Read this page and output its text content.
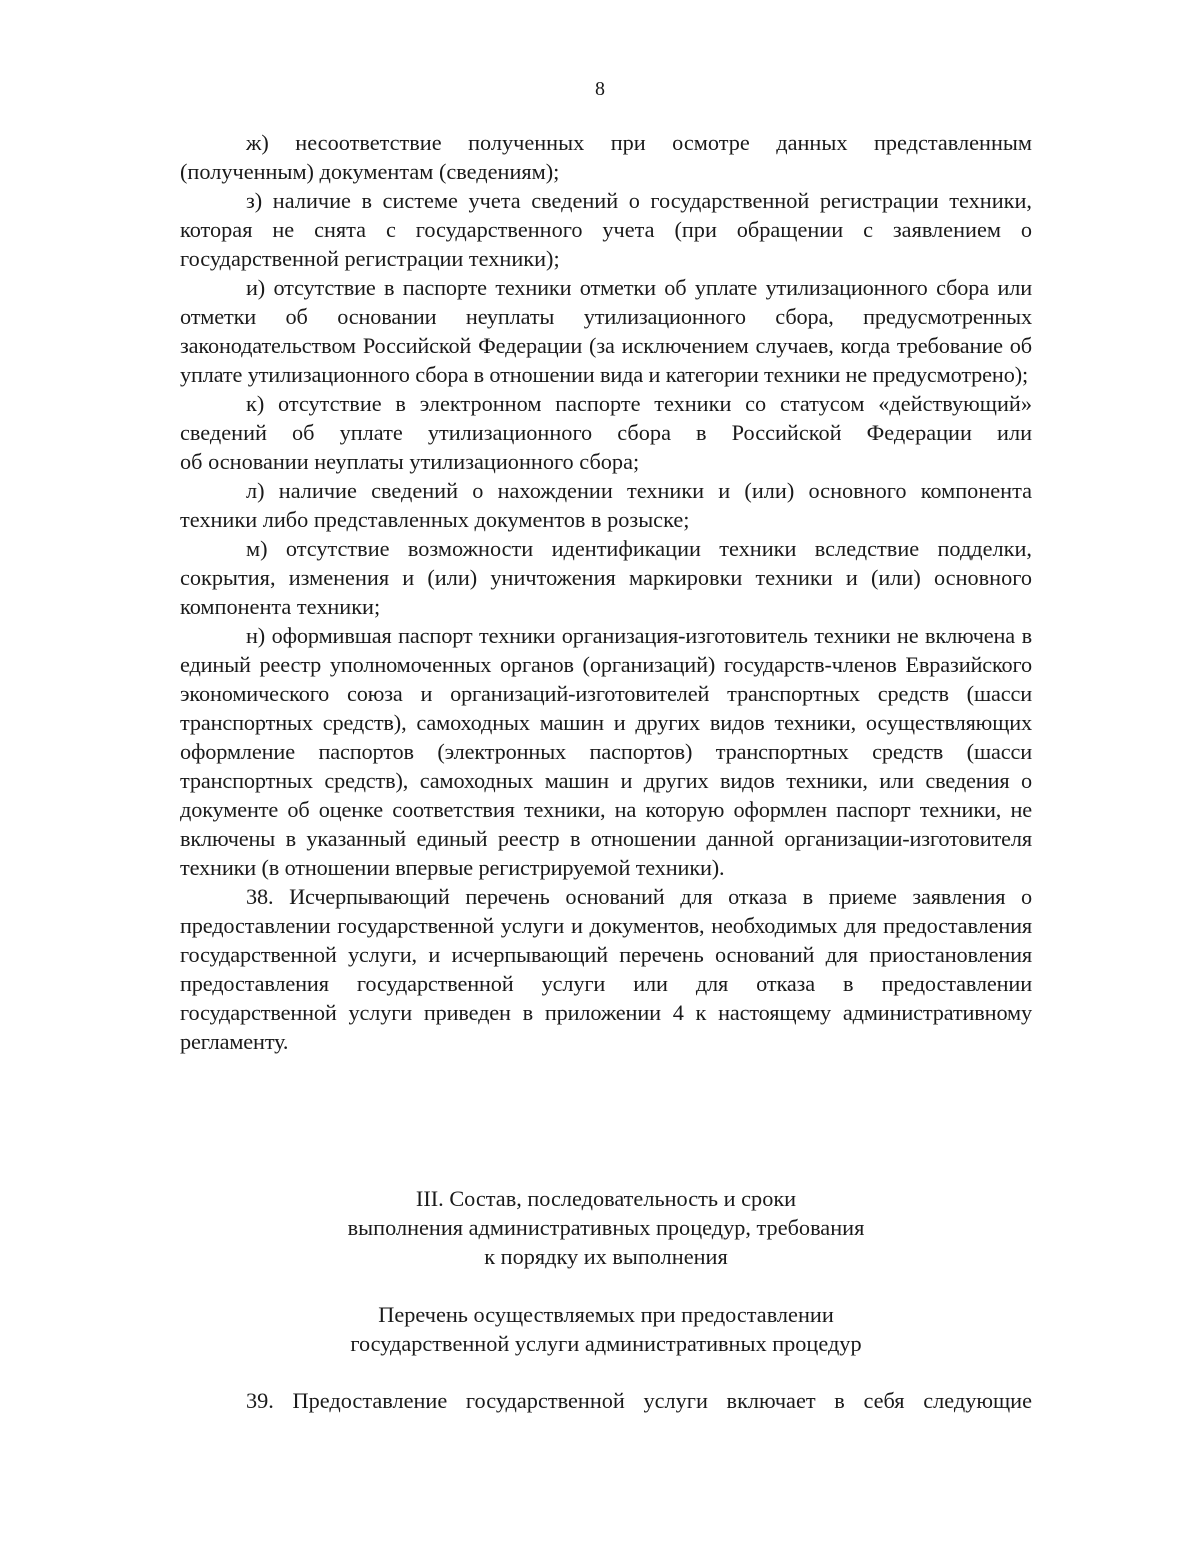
8

ж) несоответствие полученных при осмотре данных представленным (полученным) документам (сведениям);

з) наличие в системе учета сведений о государственной регистрации техники, которая не снята с государственного учета (при обращении с заявлением о государственной регистрации техники);

и) отсутствие в паспорте техники отметки об уплате утилизационного сбора или отметки об основании неуплаты утилизационного сбора, предусмотренных законодательством Российской Федерации (за исключением случаев, когда требование об уплате утилизационного сбора в отношении вида и категории техники не предусмотрено);

к) отсутствие в электронном паспорте техники со статусом «действующий» сведений об уплате утилизационного сбора в Российской Федерации или

об основании неуплаты утилизационного сбора;

л) наличие сведений о нахождении техники и (или) основного компонента техники либо представленных документов в розыске;

м) отсутствие возможности идентификации техники вследствие подделки, сокрытия, изменения и (или) уничтожения маркировки техники и (или) основного компонента техники;

н) оформившая паспорт техники организация-изготовитель техники не включена в единый реестр уполномоченных органов (организаций) государств-членов Евразийского экономического союза и организаций-изготовителей транспортных средств (шасси транспортных средств), самоходных машин и других видов техники, осуществляющих оформление паспортов (электронных паспортов) транспортных средств (шасси транспортных средств), самоходных машин и других видов техники, или сведения о документе об оценке соответствия техники, на которую оформлен паспорт техники, не включены в указанный единый реестр в отношении данной организации-изготовителя техники (в отношении впервые регистрируемой техники).

38. Исчерпывающий перечень оснований для отказа в приеме заявления о предоставлении государственной услуги и документов, необходимых для предоставления государственной услуги, и исчерпывающий перечень оснований для приостановления предоставления государственной услуги или для отказа в предоставлении государственной услуги приведен в приложении 4 к настоящему административному регламенту.

III. Состав, последовательность и сроки
выполнения административных процедур, требования
к порядку их выполнения
Перечень осуществляемых при предоставлении
государственной услуги административных процедур

39. Предоставление государственной услуги включает в себя следующие
